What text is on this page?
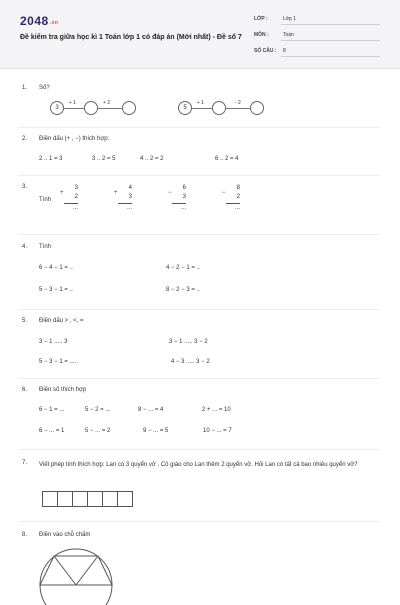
2048.vn
Đề kiểm tra giữa học kì 1 Toán lớp 1 có đáp án (Mới nhất) - Đề số 7
LỚP :	Lớp 1
MÔN :	Toán
SỐ CÂU : 8
1. Số?
3
+ 1	+ 2
5
+ 1	- 2
2. Điền dấu (+ , −) thích hợp:
2 .. 1 = 3	3 .. 2 = 5	4 .. 2 = 2	6 .. 2 = 4
3.
Tính
+
3
2
...
+
4
3
...
−
6
3
...
−
8
2
...
4. Tính
6 − 4 − 1 = ..	4 − 2 − 1 = ..
5 − 3 − 1 = ..	8 − 2 − 3 = ..
5. Điền dấu > , <, =
3 − 1 ..... 3	3 − 1 ..... 3 − 2
5 − 3 − 1 = .....	4 − 3 ..... 3 − 2
6. Điền số thích hợp
6 − 1 = ...	5 − 2 = ...	8 − ... = 4	2 + ... = 10
6 − ... = 1	5 − ... = 2	9 − ... = 5	10 − ... = 7
7. Viết phép tính thích hợp: Lan có 3 quyển vở . Cô giáo cho Lan thêm 2 quyển vở. Hỏi Lan có tất cả bao nhiêu quyển vở?
8. Điền vào chỗ chấm
